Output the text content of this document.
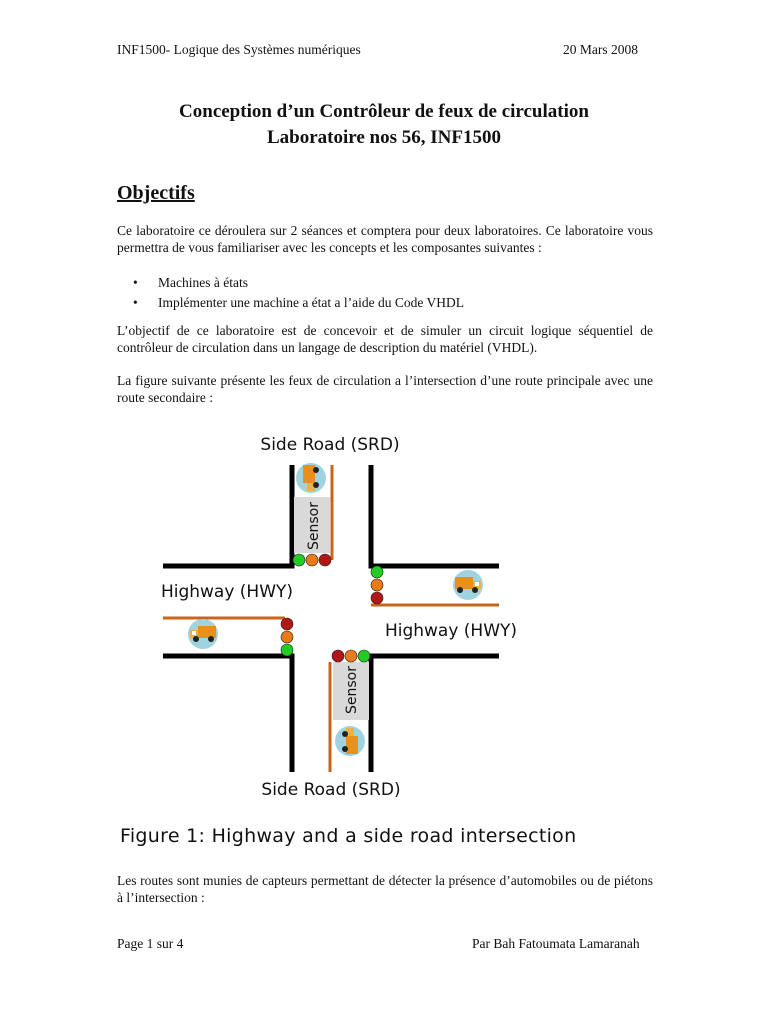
INF1500- Logique des Systèmes numériques	20 Mars 2008
Conception d’un Contrôleur de feux de circulation
Laboratoire nos 56, INF1500
Objectifs
Ce laboratoire ce déroulera sur 2 séances et comptera pour deux laboratoires. Ce laboratoire vous permettra de vous familiariser avec les concepts et les composantes suivantes :
• Machines à états
• Implémenter une machine a état a l’aide du Code VHDL
L’objectif de ce laboratoire est de concevoir et de simuler un circuit logique séquentiel de contrôleur de circulation dans un langage de description du matériel (VHDL).
La figure suivante présente les feux de circulation a l’intersection d’une route principale avec une route secondaire :
Side Road (SRD)
Highway (HWY)
Highway (HWY)
Side Road (SRD)
Sensor
Sensor
Figure 1: Highway and a side road intersection
Les routes sont munies de capteurs permettant de détecter la présence d’automobiles ou de piétons à l’intersection :
Page 1 sur 4	Par Bah Fatoumata Lamaranah
